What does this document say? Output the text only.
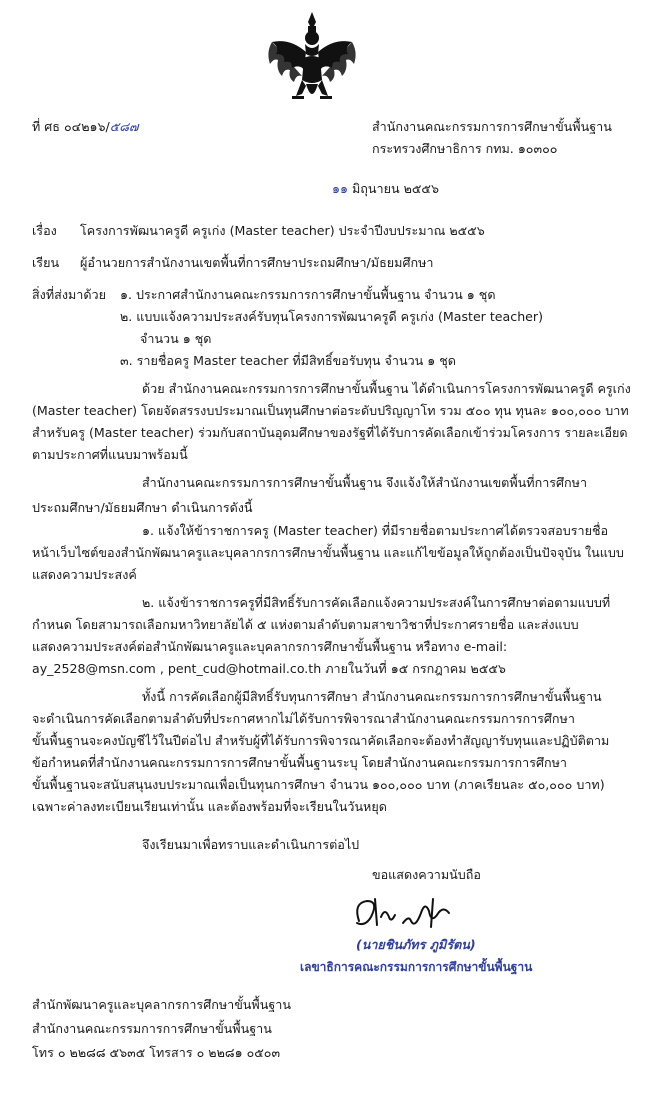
ที่ ศธ ๐๔๒๑๖/๕๘๗	สำนักงานคณะกรรมการการศึกษาขั้นพื้นฐาน
กระทรวงศึกษาธิการ กทม. ๑๐๓๐๐
๑๑ มิถุนายน ๒๕๕๖
เรื่อง โครงการพัฒนาครูดี ครูเก่ง (Master teacher) ประจำปีงบประมาณ ๒๕๕๖
เรียน ผู้อำนวยการสำนักงานเขตพื้นที่การศึกษาประถมศึกษา/มัธยมศึกษา
สิ่งที่ส่งมาด้วย ๑. ประกาศสำนักงานคณะกรรมการการศึกษาขั้นพื้นฐาน จำนวน ๑ ชุด
๒. แบบแจ้งความประสงค์รับทุนโครงการพัฒนาครูดี ครูเก่ง (Master teacher)
จำนวน ๑ ชุด
๓. รายชื่อครู Master teacher ที่มีสิทธิ์ขอรับทุน จำนวน ๑ ชุด
ด้วย สำนักงานคณะกรรมการการศึกษาขั้นพื้นฐาน ได้ดำเนินการโครงการพัฒนาครูดี ครูเก่ง
(Master teacher) โดยจัดสรรงบประมาณเป็นทุนศึกษาต่อระดับปริญญาโท รวม ๕๐๐ ทุน ทุนละ ๑๐๐,๐๐๐ บาท
สำหรับครู (Master teacher) ร่วมกับสถาบันอุดมศึกษาของรัฐที่ได้รับการคัดเลือกเข้าร่วมโครงการ รายละเอียด
ตามประกาศที่แนบมาพร้อมนี้
สำนักงานคณะกรรมการการศึกษาขั้นพื้นฐาน จึงแจ้งให้สำนักงานเขตพื้นที่การศึกษา
ประถมศึกษา/มัธยมศึกษา ดำเนินการดังนี้
๑. แจ้งให้ข้าราชการครู (Master teacher) ที่มีรายชื่อตามประกาศได้ตรวจสอบรายชื่อ
หน้าเว็บไซต์ของสำนักพัฒนาครูและบุคลากรการศึกษาขั้นพื้นฐาน และแก้ไขข้อมูลให้ถูกต้องเป็นปัจจุบัน ในแบบ
แสดงความประสงค์
๒. แจ้งข้าราชการครูที่มีสิทธิ์รับการคัดเลือกแจ้งความประสงค์ในการศึกษาต่อตามแบบที่
กำหนด โดยสามารถเลือกมหาวิทยาลัยได้ ๕ แห่งตามลำดับตามสาขาวิชาที่ประกาศรายชื่อ และส่งแบบ
แสดงความประสงค์ต่อสำนักพัฒนาครูและบุคลากรการศึกษาขั้นพื้นฐาน หรือทาง e-mail:
ay_2528@msn.com , pent_cud@hotmail.co.th ภายในวันที่ ๑๕ กรกฎาคม ๒๕๕๖
ทั้งนี้ การคัดเลือกผู้มีสิทธิ์รับทุนการศึกษา สำนักงานคณะกรรมการการศึกษาขั้นพื้นฐาน
จะดำเนินการคัดเลือกตามลำดับที่ประกาศหากไม่ได้รับการพิจารณาสำนักงานคณะกรรมการการศึกษา
ขั้นพื้นฐานจะคงบัญชีไว้ในปีต่อไป สำหรับผู้ที่ได้รับการพิจารณาคัดเลือกจะต้องทำสัญญารับทุนและปฏิบัติตาม
ข้อกำหนดที่สำนักงานคณะกรรมการการศึกษาขั้นพื้นฐานระบุ โดยสำนักงานคณะกรรมการการศึกษา
ขั้นพื้นฐานจะสนับสนุนงบประมาณเพื่อเป็นทุนการศึกษา จำนวน ๑๐๐,๐๐๐ บาท (ภาคเรียนละ ๕๐,๐๐๐ บาท)
เฉพาะค่าลงทะเบียนเรียนเท่านั้น และต้องพร้อมที่จะเรียนในวันหยุด
จึงเรียนมาเพื่อทราบและดำเนินการต่อไป
ขอแสดงความนับถือ
(นายชินภัทร ภูมิรัตน)
เลขาธิการคณะกรรมการการศึกษาขั้นพื้นฐาน
สำนักพัฒนาครูและบุคลากรการศึกษาขั้นพื้นฐาน
สำนักงานคณะกรรมการการศึกษาขั้นพื้นฐาน
โทร ๐ ๒๒๘๘ ๕๖๓๕ โทรสาร ๐ ๒๒๘๑ ๐๕๐๓
